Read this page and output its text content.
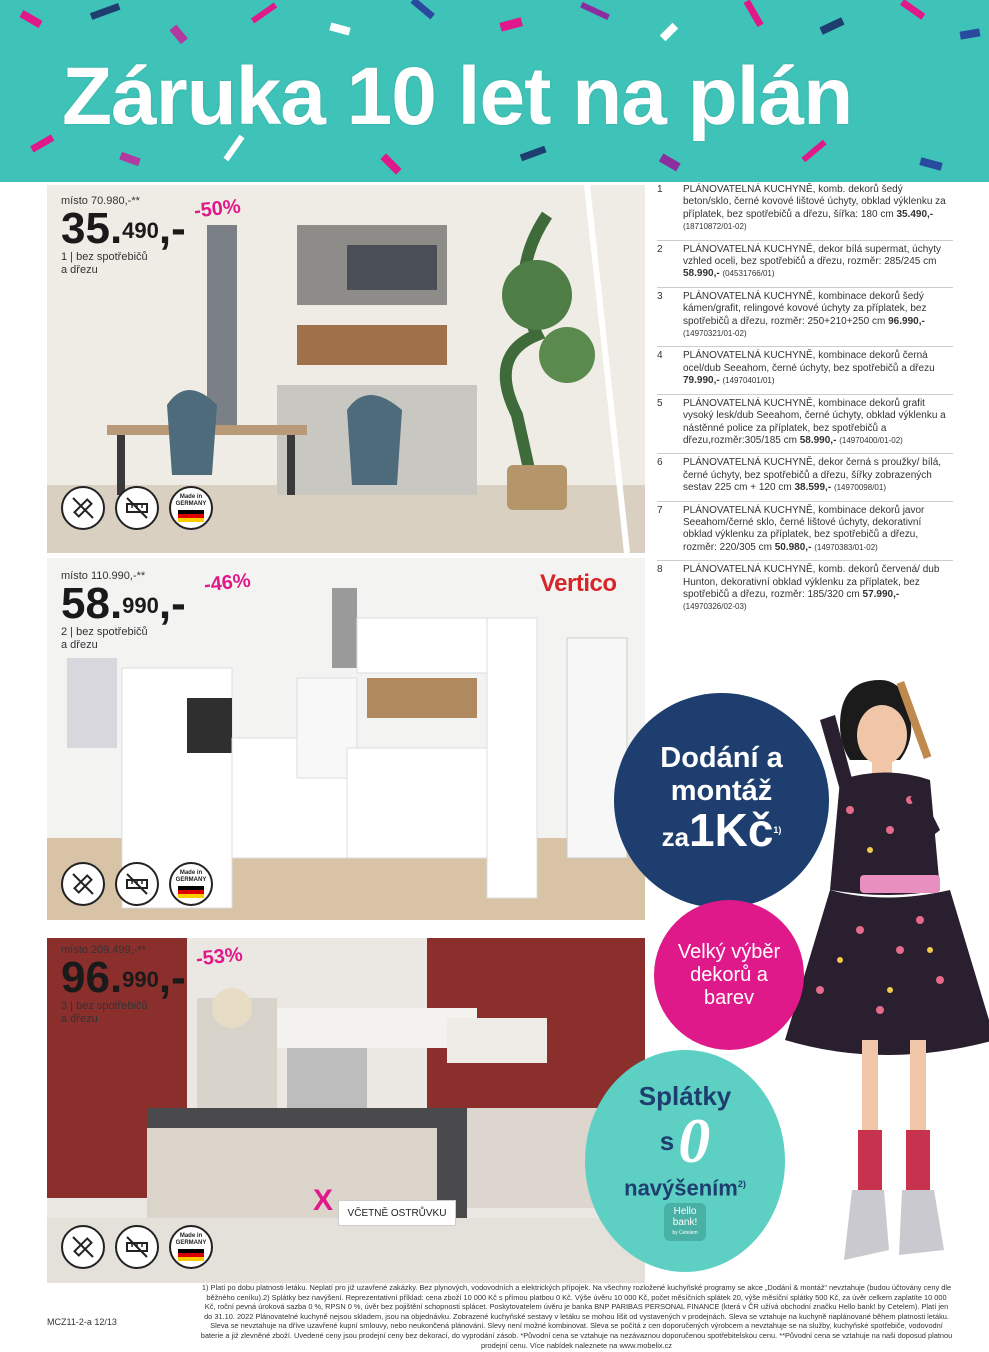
Záruka 10 let na plán
místo 70.980,-**
35.$^{490}$,-
1 | bez spotřebičů
a dřezu
-50%
Made in
GERMANY
Vertico
místo 110.990,-**
58.$^{990}$,-
2 | bez spotřebičů
a dřezu
-46%
Made in
GERMANY
místo 209.499,-**
96.$^{990}$,-
3 | bez spotřebičů
a dřezu
-53%
X	VČETNĚ OSTRŮVKU
Made in
GERMANY
1	PLÁNOVATELNÁ KUCHYNĚ, komb. dekorů šedý beton/sklo, černé kovové lištové úchyty, obklad výklenku za příplatek, bez spotřebičů a dřezu, šířka: 180 cm 35.490,- (18710872/01-02)
2	PLÁNOVATELNÁ KUCHYNĚ, dekor bílá supermat, úchyty vzhled oceli, bez spotřebičů a dřezu, rozměr: 285/245 cm 58.990,- (04531766/01)
3	PLÁNOVATELNÁ KUCHYNĚ, kombinace dekorů šedý kámen/grafit, relingové kovové úchyty za příplatek, bez spotřebičů a dřezu, rozměr: 250+210+250 cm 96.990,- (14970321/01-02)
4	PLÁNOVATELNÁ KUCHYNĚ, kombinace dekorů černá ocel/dub Seeahom, černé úchyty, bez spotřebičů a dřezu 79.990,- (14970401/01)
5	PLÁNOVATELNÁ KUCHYNĚ, kombinace dekorů grafit vysoký lesk/dub Seeahom, černé úchyty, obklad výklenku a nástěnné police za příplatek, bez spotřebičů a dřezu,rozměr:305/185 cm 58.990,- (14970400/01-02)
6	PLÁNOVATELNÁ KUCHYNĚ, dekor černá s proužky/ bílá, černé úchyty, bez spotřebičů a dřezu, šířky zobrazených sestav 225 cm + 120 cm 38.599,- (14970098/01)
7	PLÁNOVATELNÁ KUCHYNĚ, kombinace dekorů javor Seeahom/černé sklo, černé lištové úchyty, dekorativní obklad výklenku za příplatek, bez spotřebičů a dřezu, rozměr: 220/305 cm 50.980,- (14970383/01-02)
8	PLÁNOVATELNÁ KUCHYNĚ, komb. dekorů červená/ dub Hunton, dekorativní obklad výklenku za příplatek, bez spotřebičů a dřezu, rozměr: 185/320 cm 57.990,- (14970326/02-03)
Dodání a
montáž
$za1Kč^{1)}$
Velký výběr
dekorů a
barev
Splátky
s 0
navýšením$^{2)}$
Hello
bank!
by Cetelem
1) Platí po dobu platnosti letáku. Neplatí pro již uzavřené zakázky. Bez plynových, vodovodních a elektrických přípojek. Na všechny rozložené kuchyňské programy se akce „Dodání & montáž“ nevztahuje (budou účtovány ceny dle běžného ceníku).2) Splátky bez navýšení. Reprezentativní příklad: cena zboží 10 000 Kč s přímou platbou 0 Kč. Výše úvěru 10 000 Kč, počet měsíčních splátek 20, výše měsíční splátky 500 Kč, za úvěr celkem zaplatíte 10 000 Kč, roční pevná úroková sazba 0 %, RPSN 0 %, úvěr bez pojištění schopnosti splácet. Poskytovatelem úvěru je banka BNP PARIBAS PERSONAL FINANCE (která v ČR užívá obchodní značku Hello bank! by Cetelem). Platí jen do 31.10. 2022 Plánovatelné kuchyně nejsou skladem, jsou na objednávku. Zobrazené kuchyňské sestavy v letáku se mohou lišit od vystavených v prodejnách. Sleva se vztahuje na kuchyně naplánované během platnosti letáku. Sleva se nevztahuje na dříve uzavřené kupní smlouvy, nebo neukončená plánování. Slevy není možné kombinovat. Sleva se počítá z cen doporučených výrobcem a nevztahuje se na služby, kuchyňské spotřebiče, vodovodní baterie a již zlevněné zboží. Uvedené ceny jsou prodejní ceny bez dekorací, do vyprodání zásob. *Původní cena se vztahuje na nezávaznou doporučenou spotřebitelskou cenu. **Původní cena se vztahuje na naši doposud platnou prodejní cenu. Více nabídek naleznete na www.mobelix.cz
MCZ11-2-a 12/13
